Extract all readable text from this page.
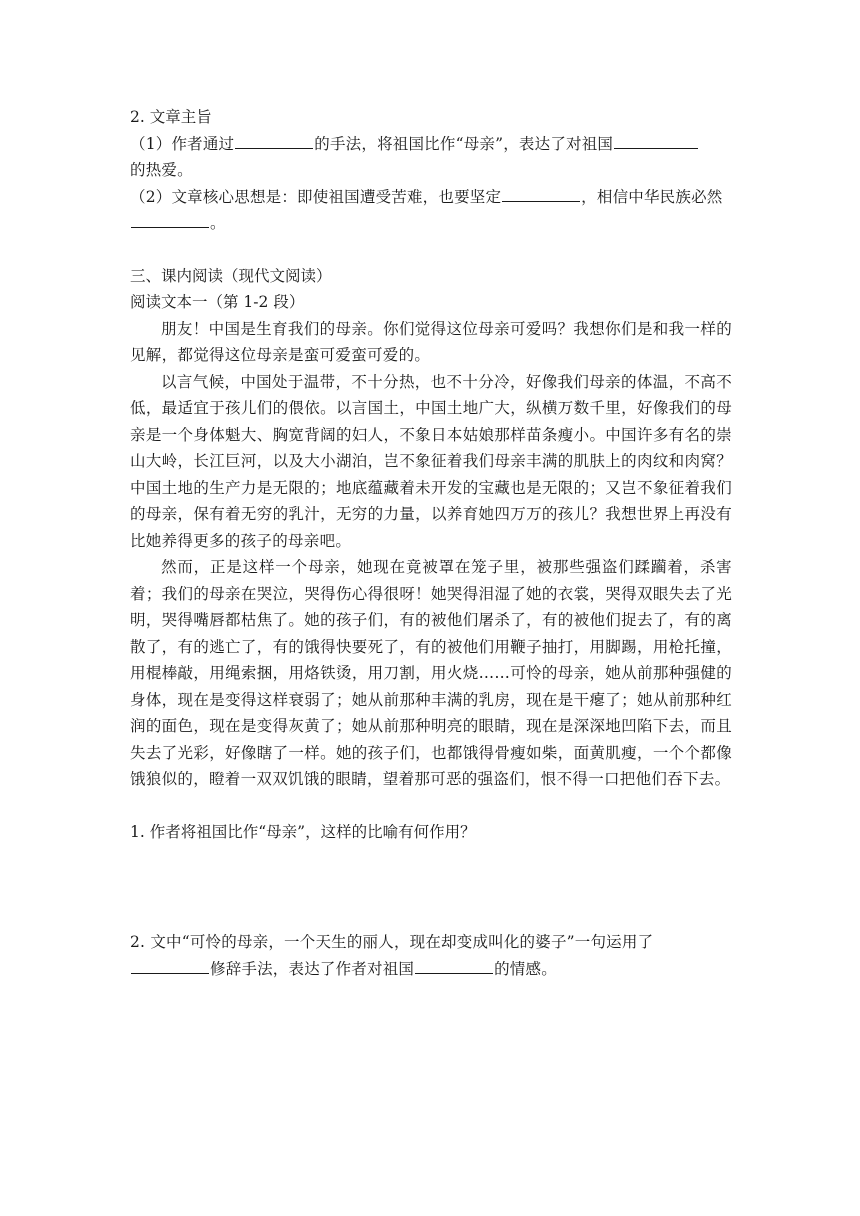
2. 文章主旨
（1）作者通过	的手法，将祖国比作“母亲”，表达了对祖国
的热爱。
（2）文章核心思想是：即使祖国遭受苦难，也要坚定	，相信中华民族必然。
三、课内阅读（现代文阅读）
阅读文本一（第 1-2 段）

朋友！中国是生育我们的母亲。你们觉得这位母亲可爱吗？我想你们是和我一样的见解，都觉得这位母亲是蛮可爱蛮可爱的。

以言气候，中国处于温带，不十分热，也不十分冷，好像我们母亲的体温，不高不低，最适宜于孩儿们的偎依。以言国土，中国土地广大，纵横万数千里，好像我们的母亲是一个身体魁大、胸宽背阔的妇人，不象日本姑娘那样苗条瘦小。中国许多有名的崇山大岭，长江巨河，以及大小湖泊，岂不象征着我们母亲丰满的肌肤上的肉纹和肉窝？中国土地的生产力是无限的；地底蕴藏着未开发的宝藏也是无限的；又岂不象征着我们的母亲，保有着无穷的乳汁，无穷的力量，以养育她四万万的孩儿？我想世界上再没有比她养得更多的孩子的母亲吧。

然而，正是这样一个母亲，她现在竟被罩在笼子里，被那些强盗们蹂躏着，杀害着；我们的母亲在哭泣，哭得伤心得很呀！她哭得泪湿了她的衣裳，哭得双眼失去了光明，哭得嘴唇都枯焦了。她的孩子们，有的被他们屠杀了，有的被他们捉去了，有的离散了，有的逃亡了，有的饿得快要死了，有的被他们用鞭子抽打，用脚踢，用枪托撞，用棍棒敲，用绳索捆，用烙铁烫，用刀割，用火烧……可怜的母亲，她从前那种强健的身体，现在是变得这样衰弱了；她从前那种丰满的乳房，现在是干瘪了；她从前那种红润的面色，现在是变得灰黄了；她从前那种明亮的眼睛，现在是深深地凹陷下去，而且失去了光彩，好像瞎了一样。她的孩子们，也都饿得骨瘦如柴，面黄肌瘦，一个个都像饿狼似的，瞪着一双双饥饿的眼睛，望着那可恶的强盗们，恨不得一口把他们吞下去。

1. 作者将祖国比作“母亲”，这样的比喻有何作用？
2. 文中“可怜的母亲，一个天生的丽人，现在却变成叫化的婆子”一句运用了
修辞手法，表达了作者对祖国	的情感。
